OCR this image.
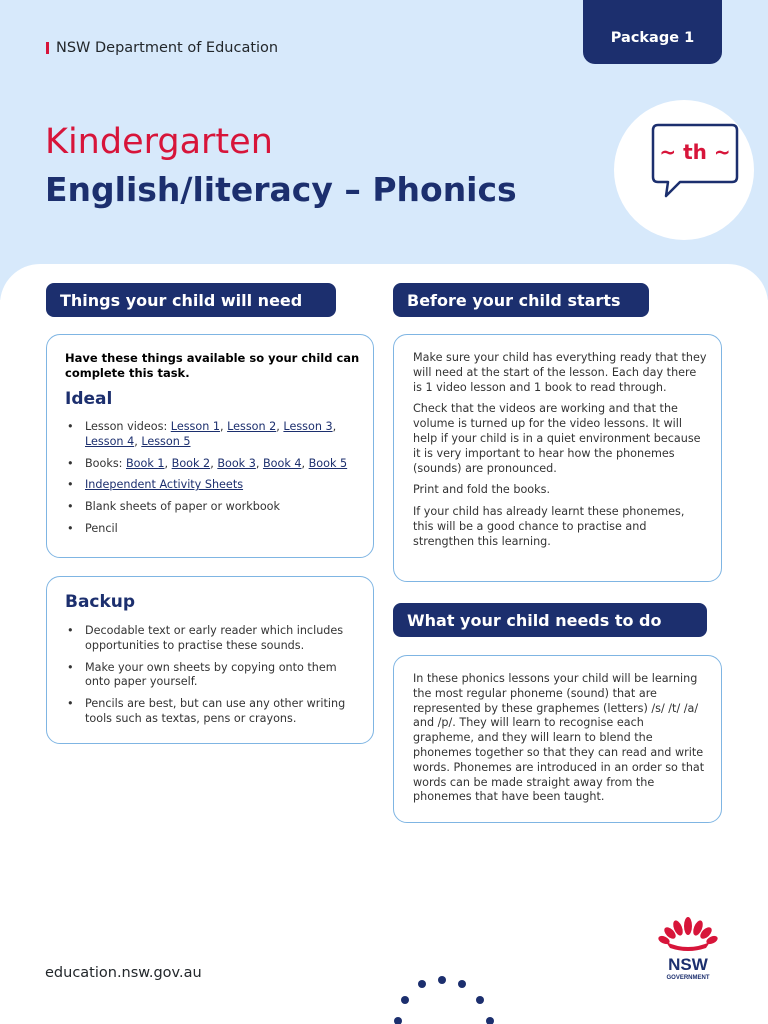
NSW Department of Education
Package 1
Kindergarten
English/literacy – Phonics
~ th ~
Things your child will need
Have these things available so your child can complete this task.
Ideal
• Lesson videos: Lesson 1, Lesson 2, Lesson 3, Lesson 4, Lesson 5
• Books: Book 1, Book 2, Book 3, Book 4, Book 5
• Independent Activity Sheets
• Blank sheets of paper or workbook
• Pencil
Backup
• Decodable text or early reader which includes opportunities to practise these sounds.
• Make your own sheets by copying onto them onto paper yourself.
• Pencils are best, but can use any other writing tools such as textas, pens or crayons.
Before your child starts

Make sure your child has everything ready that they will need at the start of the lesson. Each day there is 1 video lesson and 1 book to read through.

Check that the videos are working and that the volume is turned up for the video lessons. It will help if your child is in a quiet environment because it is very important to hear how the phonemes (sounds) are pronounced.

Print and fold the books.

If your child has already learnt these phonemes, this will be a good chance to practise and strengthen this learning.

What your child needs to do

In these phonics lessons your child will be learning the most regular phoneme (sound) that are represented by these graphemes (letters) /s/ /t/ /a/ and /p/. They will learn to recognise each grapheme, and they will learn to blend the phonemes together so that they can read and write words. Phonemes are introduced in an order so that words can be made straight away from the phonemes that have been taught.

education.nsw.gov.au	NSW
GOVERNMENT
